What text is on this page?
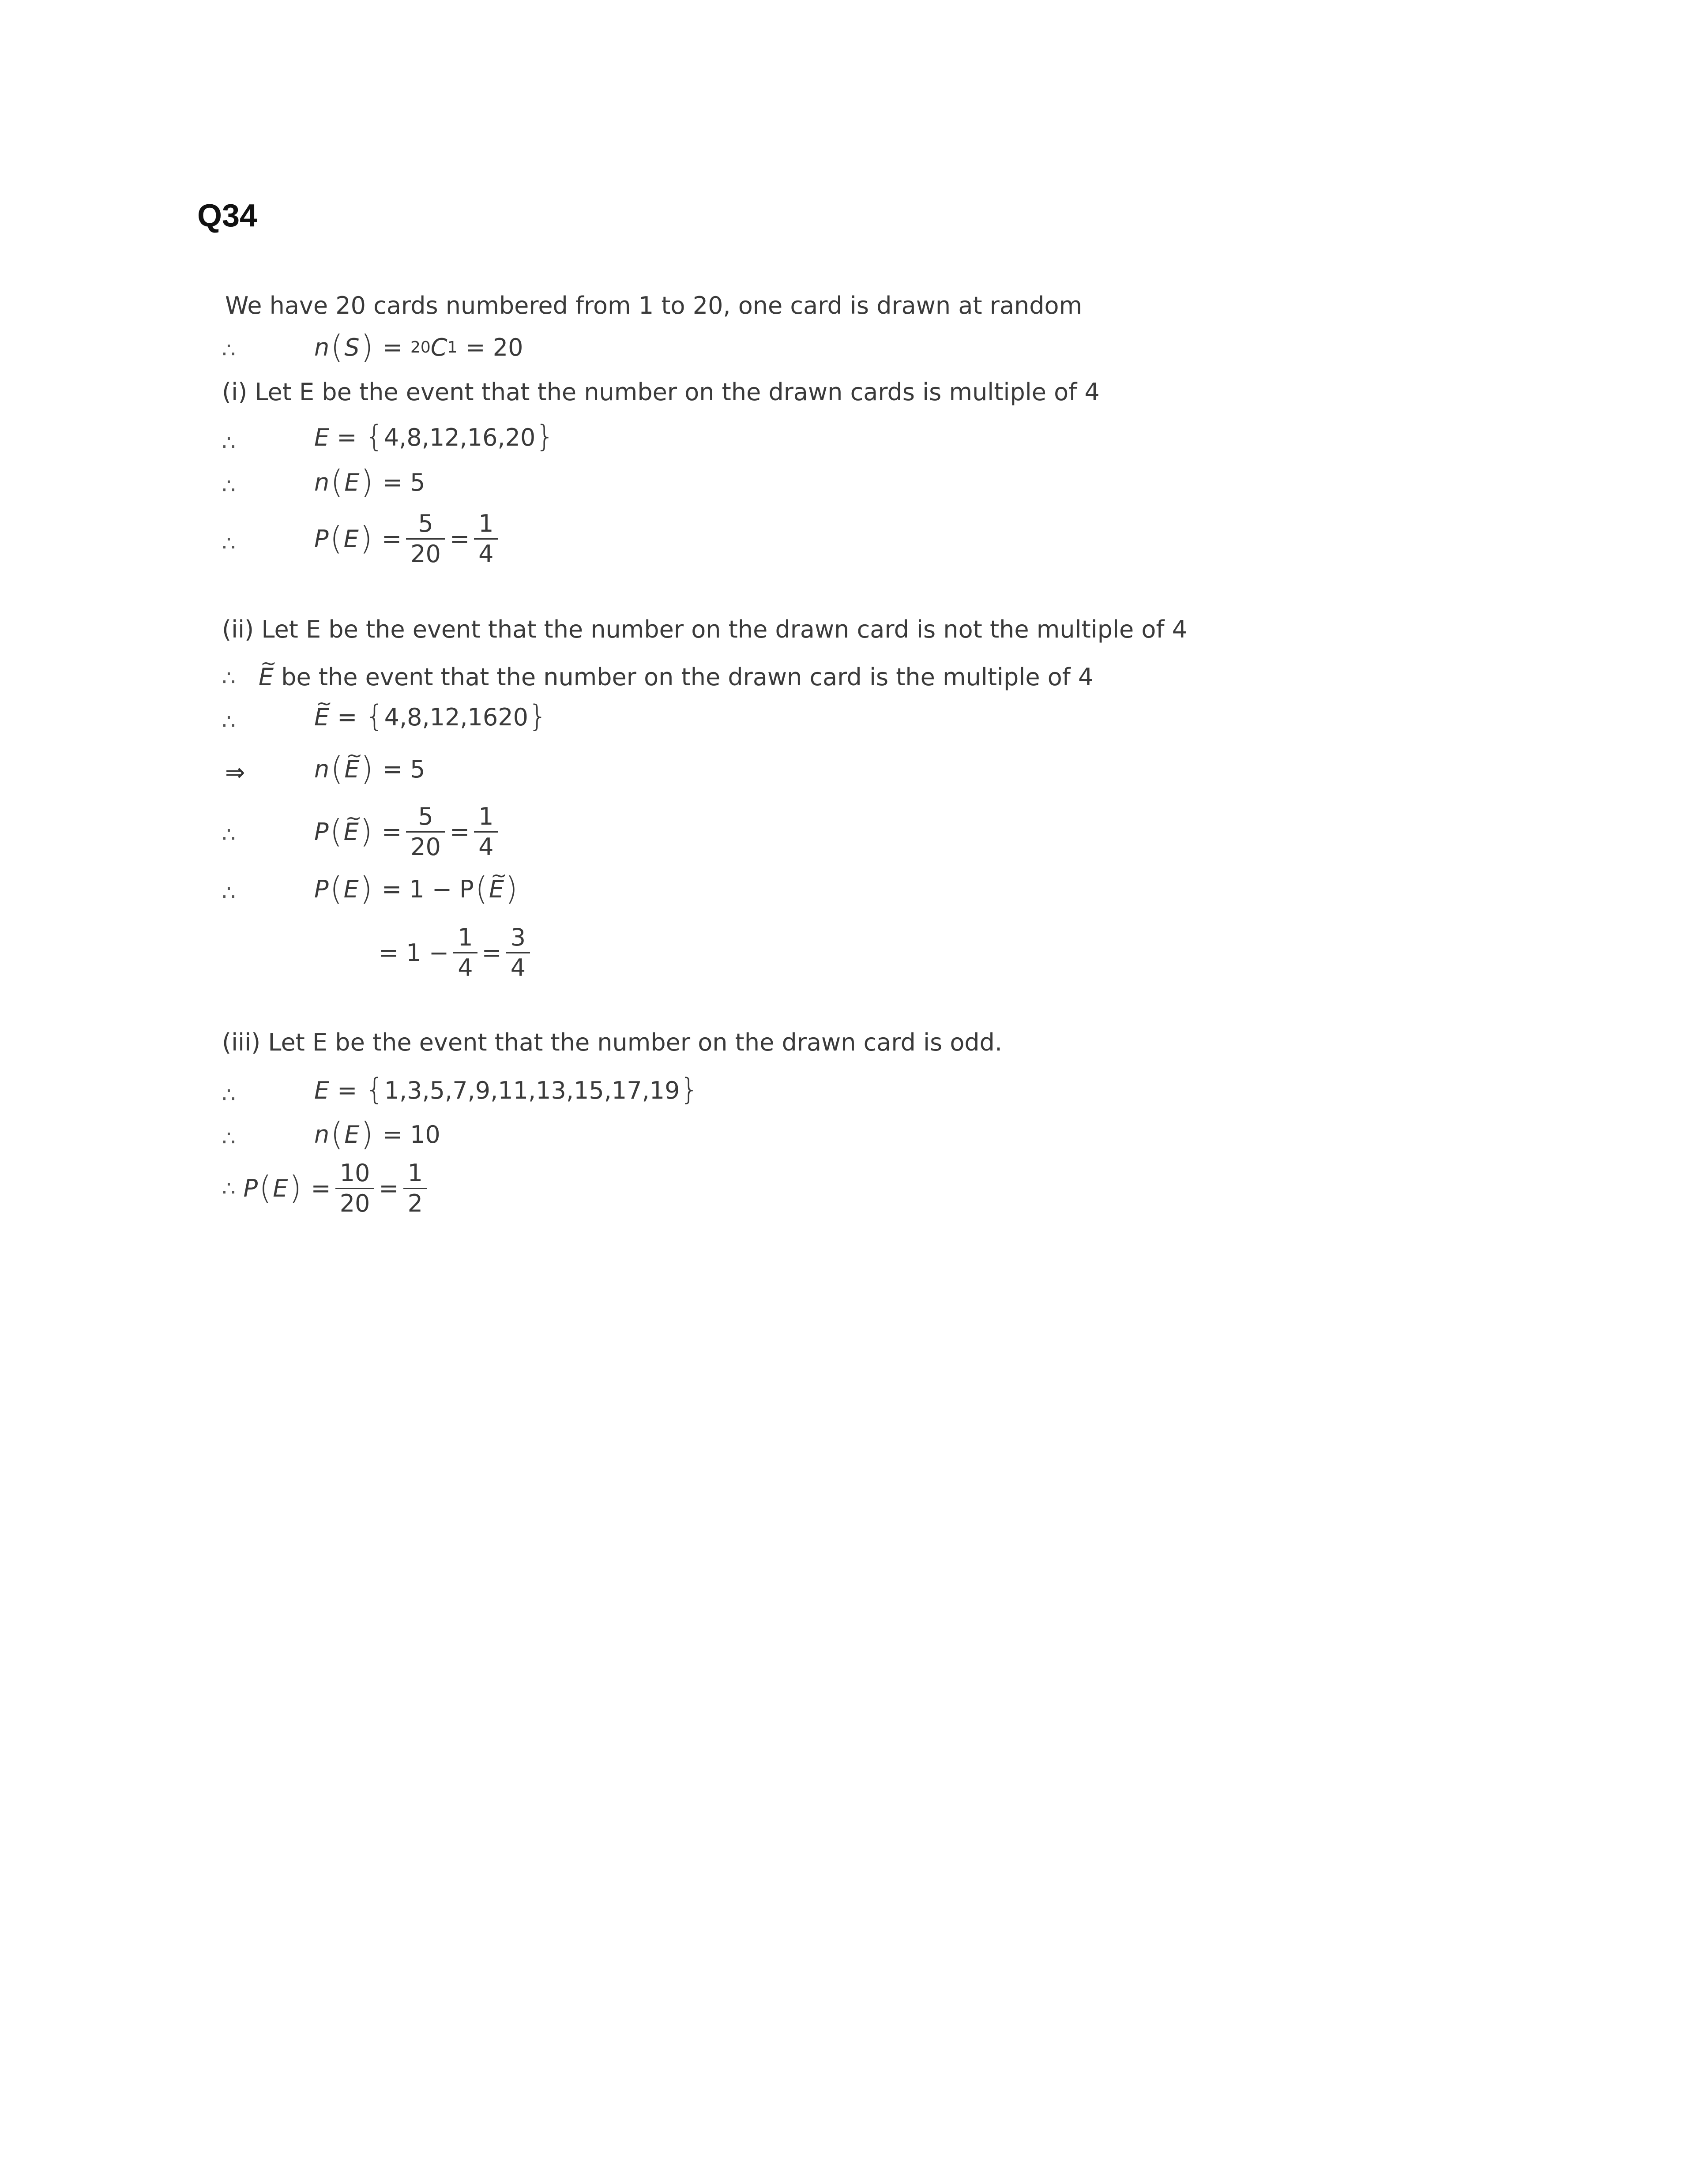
Q34
We have 20 cards numbered from 1 to 20, one card is drawn at random
∴	n ( S ) = 20 C 1 = 20
(i) Let E be the event that the number on the drawn cards is multiple of 4
∴	E = { 4,8,12,16,20 }
∴	n ( E ) = 5
∴	P ( E ) = $\frac{5}{20} = \frac{1}{4}$
(ii) Let E be the event that the number on the drawn card is not the multiple of 4
∴ ~ E be the event that the number on the drawn card is the multiple of 4
∴	~ E = { 4,8,12,1620 }
⇒	n ( ~ E ) = 5
∴	P ( ~ E ) = $\frac{5}{20} = \frac{1}{4}$
∴	P ( E ) = 1 − P ( ~ E )
= $1 - \frac{1}{4} = \frac{3}{4}$
(iii) Let E be the event that the number on the drawn card is odd.
∴	E = { 1,3,5,7,9,11,13,15,17,19 }
∴	n ( E ) = 10
∴ P ( E ) = $\frac{10}{20} = \frac{1}{2}$
